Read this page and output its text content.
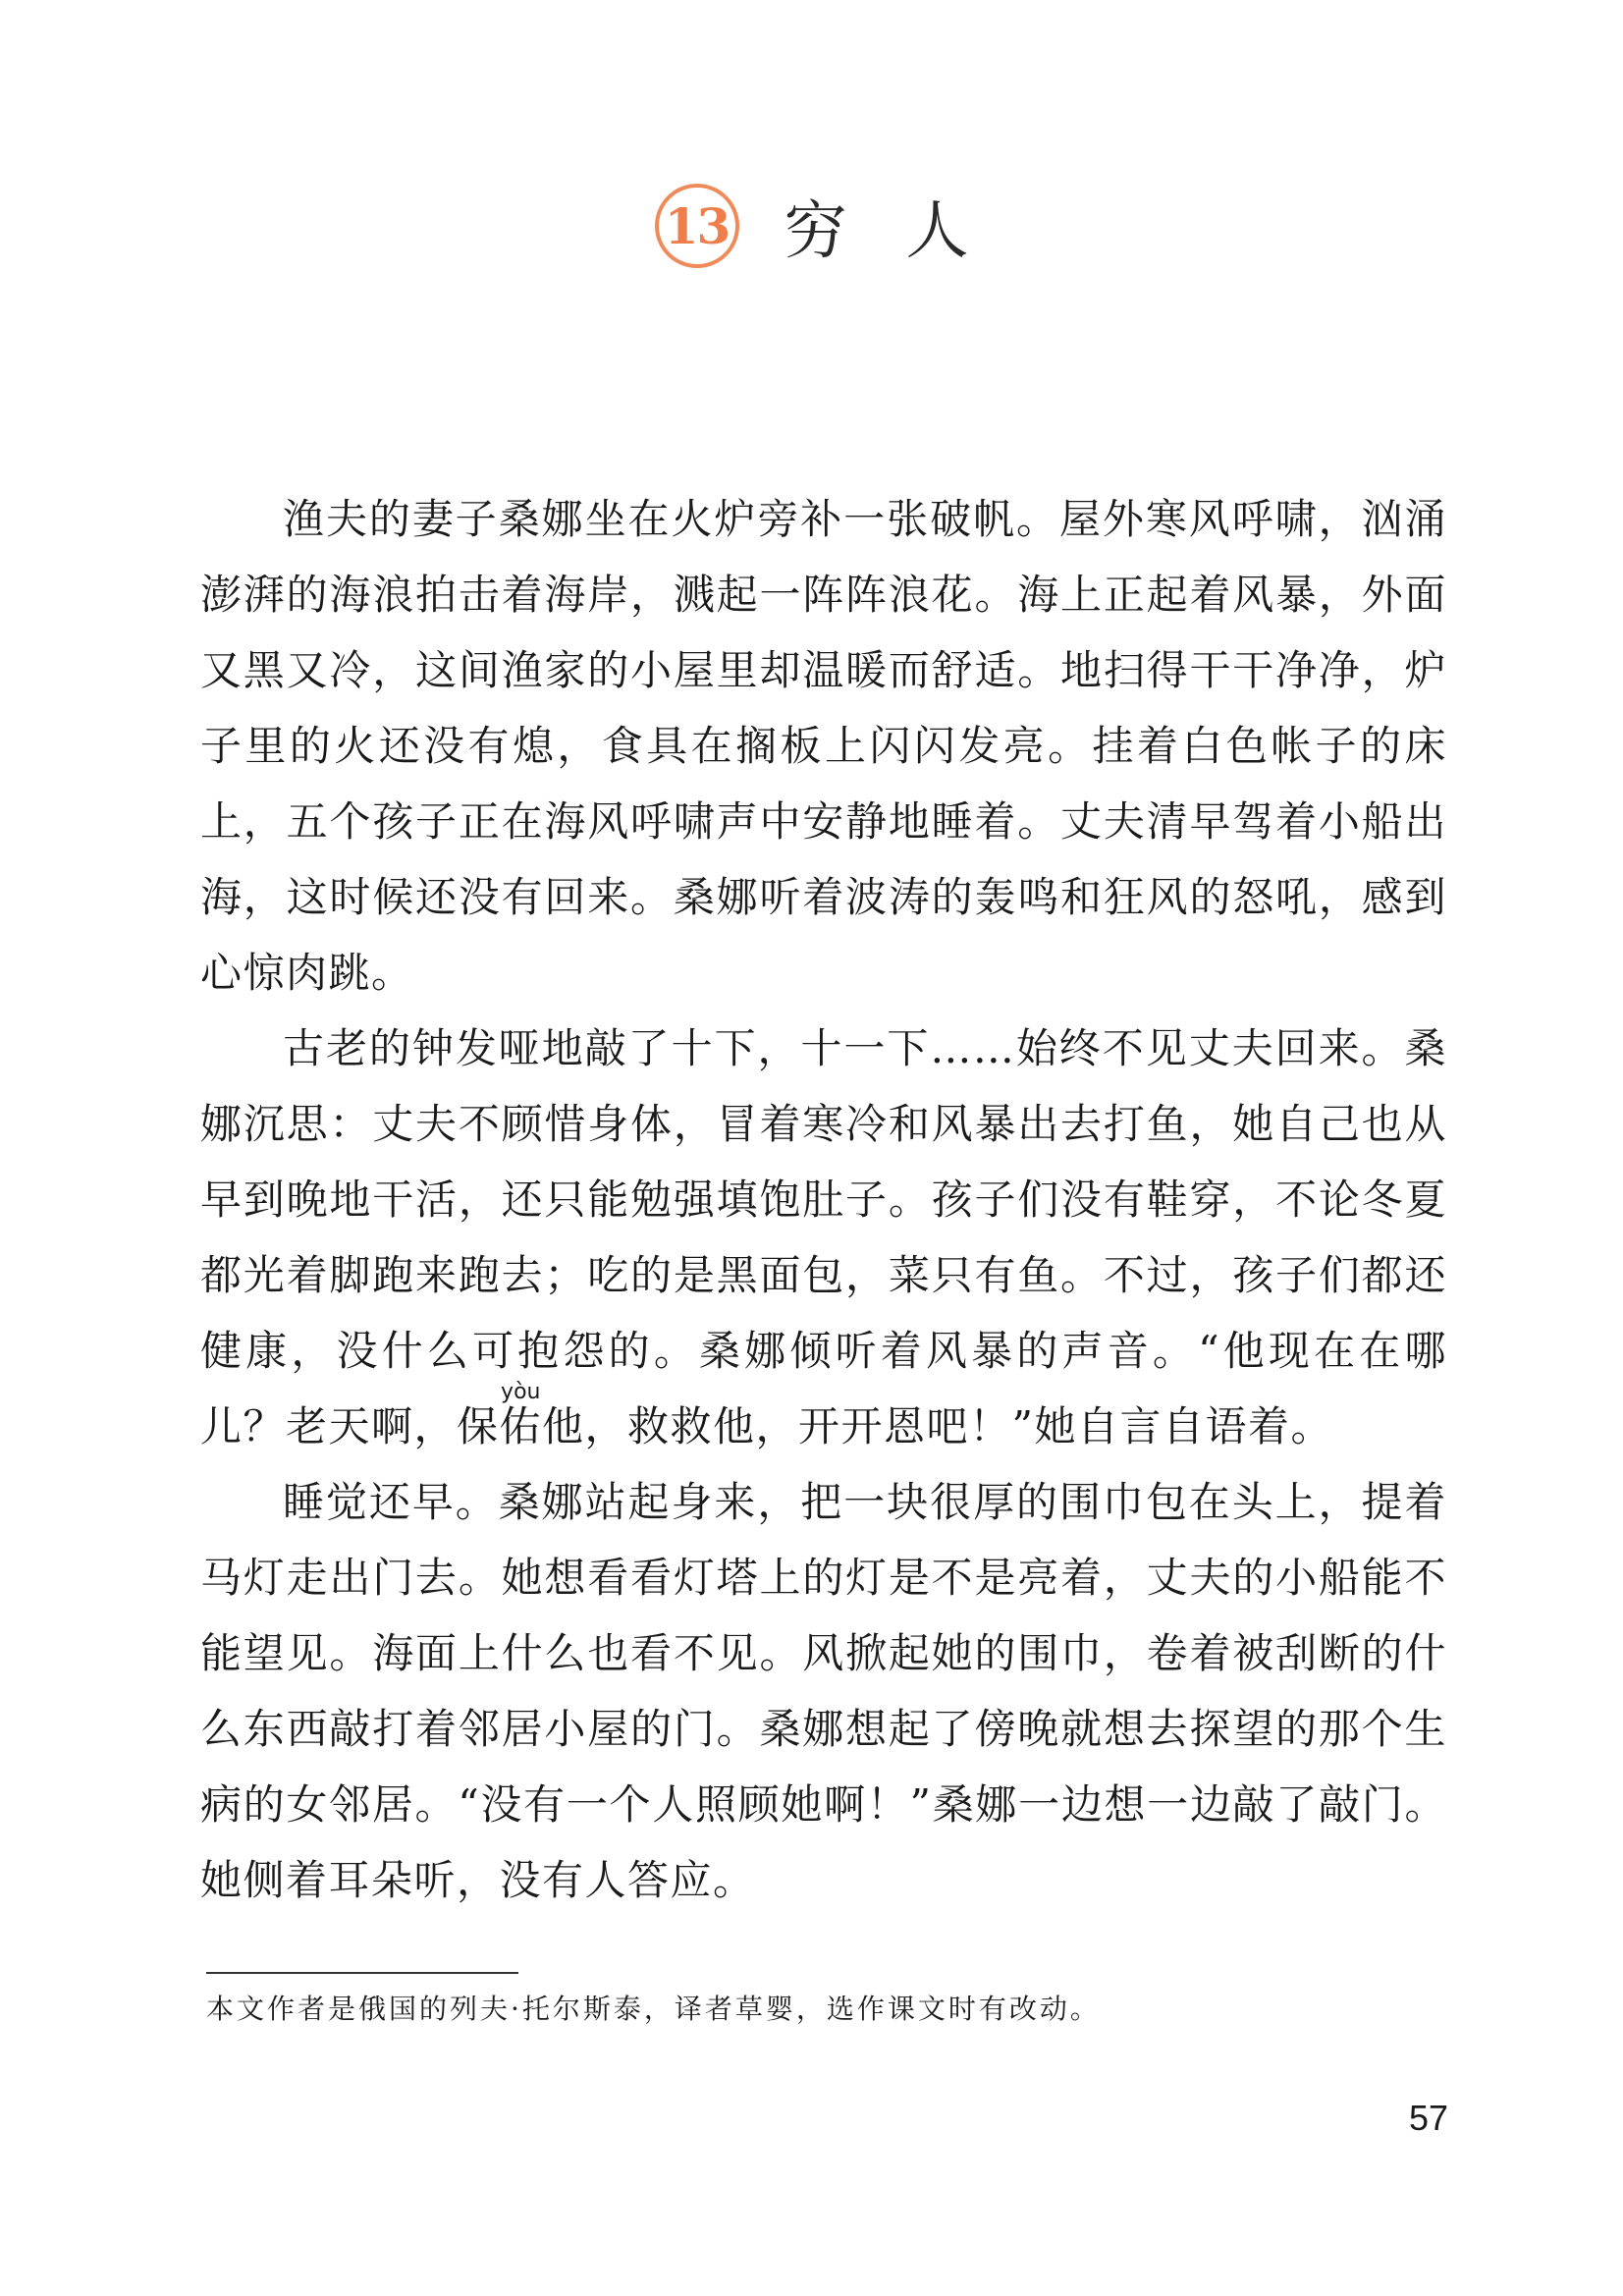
13 穷人

渔夫的妻子桑娜坐在火炉旁补一张破帆。屋外寒风呼啸，汹涌澎湃的海浪拍击着海岸，溅起一阵阵浪花。海上正起着风暴，外面又黑又冷，这间渔家的小屋里却温暖而舒适。地扫得干干净净，炉子里的火还没有熄，食具在搁板上闪闪发亮。挂着白色帐子的床上，五个孩子正在海风呼啸声中安静地睡着。丈夫清早驾着小船出海，这时候还没有回来。桑娜听着波涛的轰鸣和狂风的怒吼，感到心惊肉跳。

古老的钟发哑地敲了十下，十一下……始终不见丈夫回来。桑娜沉思：丈夫不顾惜身体，冒着寒冷和风暴出去打鱼，她自己也从早到晚地干活，还只能勉强填饱肚子。孩子们没有鞋穿，不论冬夏都光着脚跑来跑去；吃的是黑面包，菜只有鱼。不过，孩子们都还健康，没什么可抱怨的。桑娜倾听着风暴的声音。“他现在在哪儿？老天啊，保佑yòu他，救救他，开开恩吧！”她自言自语着。

睡觉还早。桑娜站起身来，把一块很厚的围巾包在头上，提着马灯走出门去。她想看看灯塔上的灯是不是亮着，丈夫的小船能不能望见。海面上什么也看不见。风掀起她的围巾，卷着被刮断的什么东西敲打着邻居小屋的门。桑娜想起了傍晚就想去探望的那个生病的女邻居。“没有一个人照顾她啊！”桑娜一边想一边敲了敲门。她侧着耳朵听，没有人答应。

本文作者是俄国的列夫·托尔斯泰，译者草婴，选作课文时有改动。
57
